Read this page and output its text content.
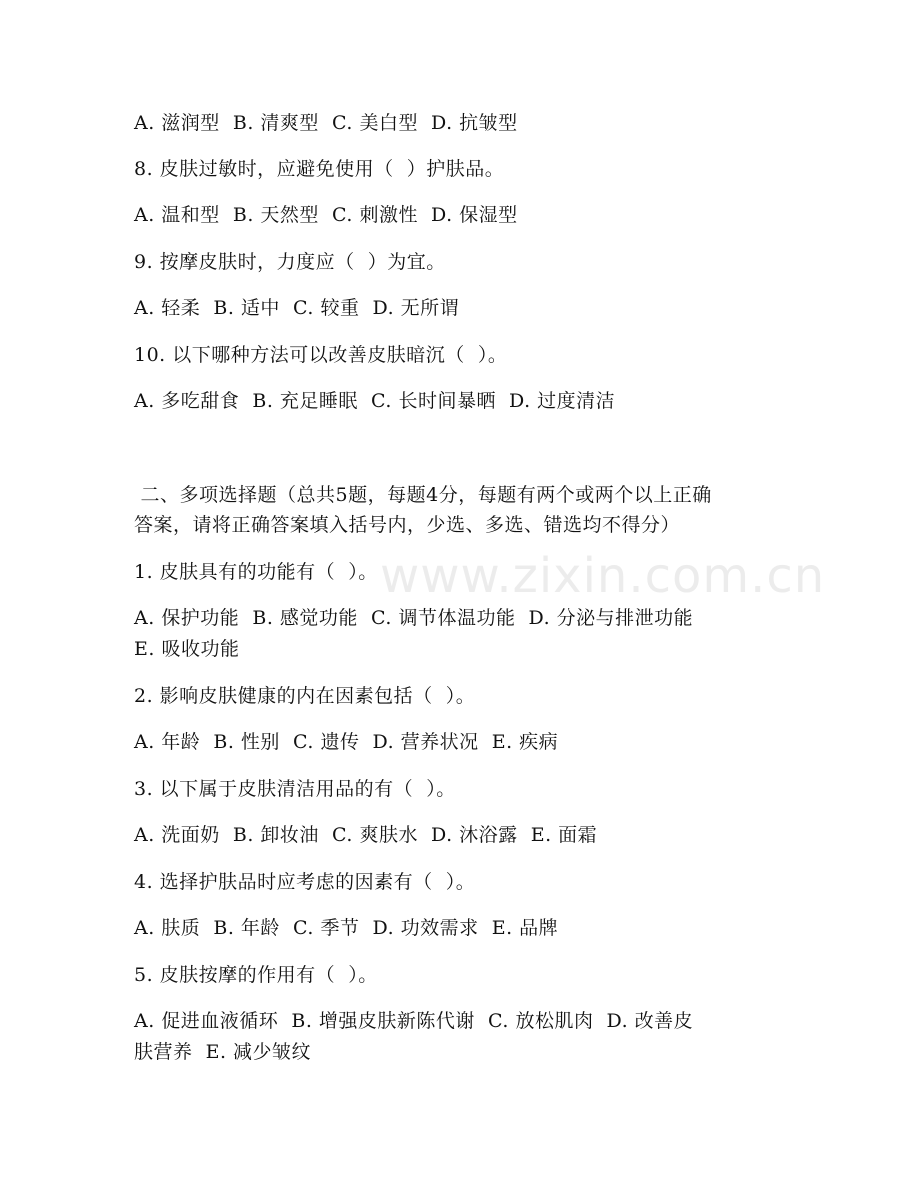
www.zixin.com.cn
A. 滋润型  B. 清爽型  C. 美白型  D. 抗皱型
8. 皮肤过敏时，应避免使用（  ）护肤品。
A. 温和型  B. 天然型  C. 刺激性  D. 保湿型
9. 按摩皮肤时，力度应（  ）为宜。
A. 轻柔  B. 适中  C. 较重  D. 无所谓
10. 以下哪种方法可以改善皮肤暗沉（  ）。
A. 多吃甜食  B. 充足睡眠  C. 长时间暴晒  D. 过度清洁
二、多项选择题（总共5题，每题4分，每题有两个或两个以上正确
答案，请将正确答案填入括号内，少选、多选、错选均不得分）
1. 皮肤具有的功能有（  ）。
A. 保护功能  B. 感觉功能  C. 调节体温功能  D. 分泌与排泄功能
E. 吸收功能
2. 影响皮肤健康的内在因素包括（  ）。
A. 年龄  B. 性别  C. 遗传  D. 营养状况  E. 疾病
3. 以下属于皮肤清洁用品的有（  ）。
A. 洗面奶  B. 卸妆油  C. 爽肤水  D. 沐浴露  E. 面霜
4. 选择护肤品时应考虑的因素有（  ）。
A. 肤质  B. 年龄  C. 季节  D. 功效需求  E. 品牌
5. 皮肤按摩的作用有（  ）。
A. 促进血液循环  B. 增强皮肤新陈代谢  C. 放松肌肉  D. 改善皮
肤营养  E. 减少皱纹
